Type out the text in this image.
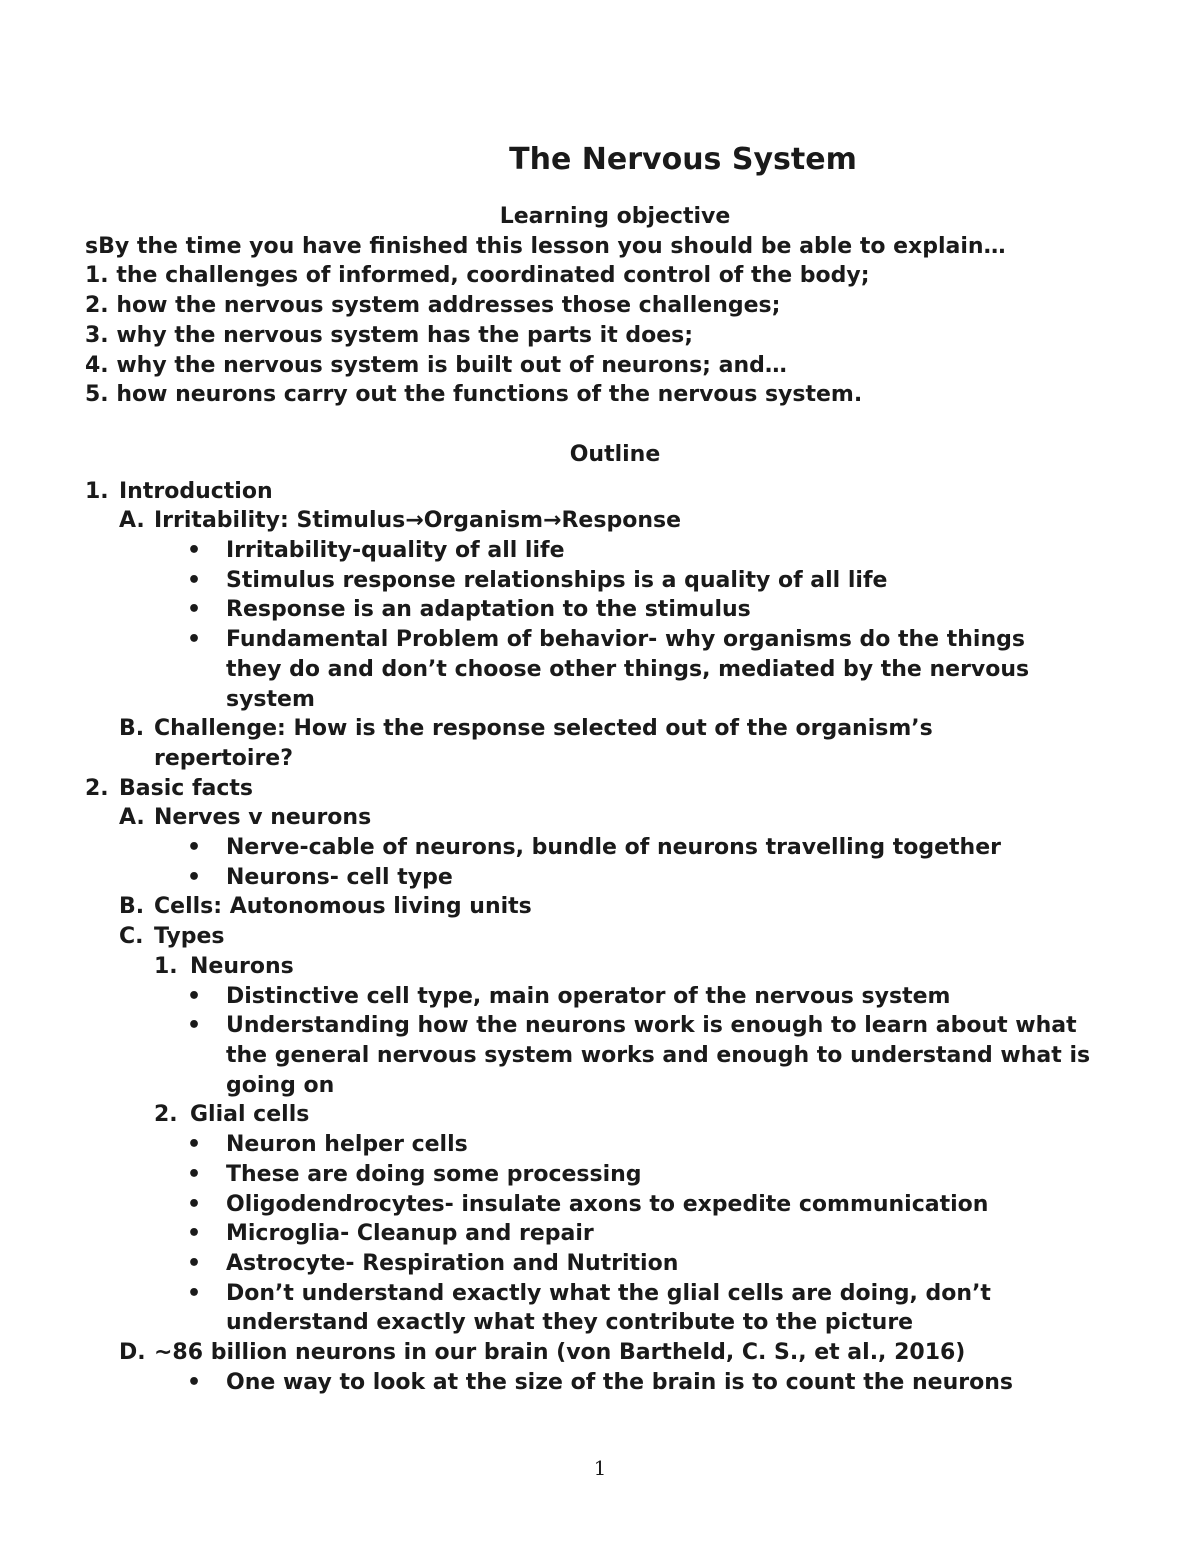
The Nervous System
Learning objective
sBy the time you have finished this lesson you should be able to explain…
1. the challenges of informed, coordinated control of the body;
2. how the nervous system addresses those challenges;
3. why the nervous system has the parts it does;
4. why the nervous system is built out of neurons; and…
5. how neurons carry out the functions of the nervous system.
Outline
1. Introduction
A. Irritability: Stimulus→Organism→Response
• Irritability-quality of all life
• Stimulus response relationships is a quality of all life
• Response is an adaptation to the stimulus
• Fundamental Problem of behavior- why organisms do the things they do and don’t choose other things, mediated by the nervous system
B. Challenge: How is the response selected out of the organism’s repertoire?
2. Basic facts
A. Nerves v neurons
• Nerve-cable of neurons, bundle of neurons travelling together
• Neurons- cell type
B. Cells: Autonomous living units
C. Types
1. Neurons
• Distinctive cell type, main operator of the nervous system
• Understanding how the neurons work is enough to learn about what the general nervous system works and enough to understand what is going on
2. Glial cells
• Neuron helper cells
• These are doing some processing
• Oligodendrocytes- insulate axons to expedite communication
• Microglia- Cleanup and repair
• Astrocyte- Respiration and Nutrition
• Don’t understand exactly what the glial cells are doing, don’t understand exactly what they contribute to the picture
D. ~86 billion neurons in our brain (von Bartheld, C. S., et al., 2016)
• One way to look at the size of the brain is to count the neurons
1
